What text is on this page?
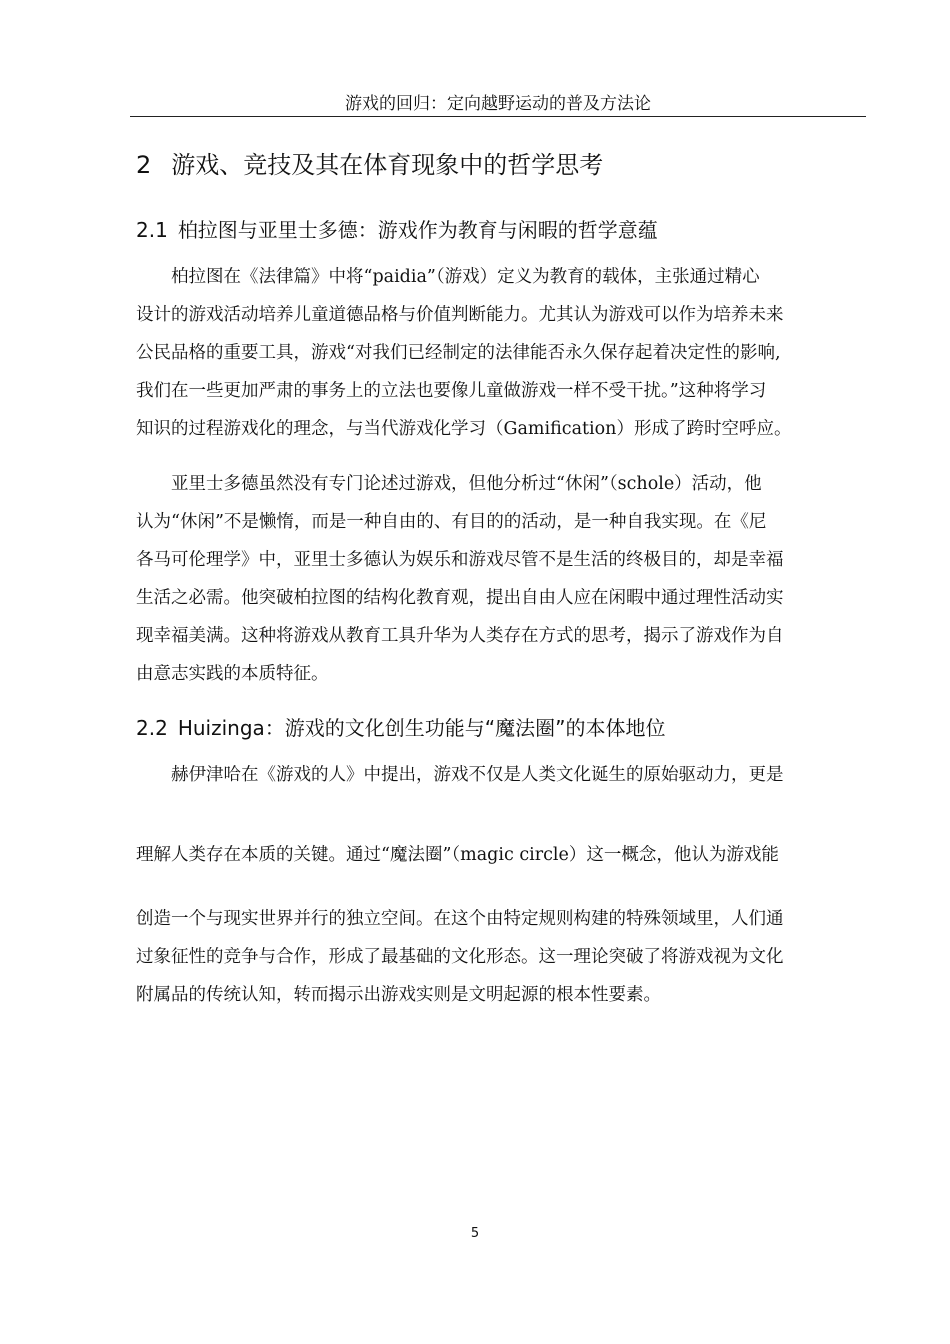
游戏的回归：定向越野运动的普及方法论
2 游戏、竞技及其在体育现象中的哲学思考
2.1 柏拉图与亚里士多德：游戏作为教育与闲暇的哲学意蕴
　　柏拉图在《法律篇》中将“paidia”（游戏）定义为教育的载体，主张通过精心
设计的游戏活动培养儿童道德品格与价值判断能力。尤其认为游戏可以作为培养未来
公民品格的重要工具，游戏“对我们已经制定的法律能否永久保存起着决定性的影响,
我们在一些更加严肃的事务上的立法也要像儿童做游戏一样不受干扰。”这种将学习
知识的过程游戏化的理念，与当代游戏化学习（Gamification）形成了跨时空呼应。
　　亚里士多德虽然没有专门论述过游戏，但他分析过“休闲”（schole）活动，他
认为“休闲”不是懒惰，而是一种自由的、有目的的活动，是一种自我实现。在《尼
各马可伦理学》中，亚里士多德认为娱乐和游戏尽管不是生活的终极目的，却是幸福
生活之必需。他突破柏拉图的结构化教育观，提出自由人应在闲暇中通过理性活动实
现幸福美满。这种将游戏从教育工具升华为人类存在方式的思考，揭示了游戏作为自
由意志实践的本质特征。
2.2 Huizinga：游戏的文化创生功能与“魔法圈”的本体地位
　　赫伊津哈在《游戏的人》中提出，游戏不仅是人类文化诞生的原始驱动力，更是
理解人类存在本质的关键。通过“魔法圈”（magic circle）这一概念，他认为游戏能
创造一个与现实世界并行的独立空间。在这个由特定规则构建的特殊领域里，人们通
过象征性的竞争与合作，形成了最基础的文化形态。这一理论突破了将游戏视为文化
附属品的传统认知，转而揭示出游戏实则是文明起源的根本性要素。
5
